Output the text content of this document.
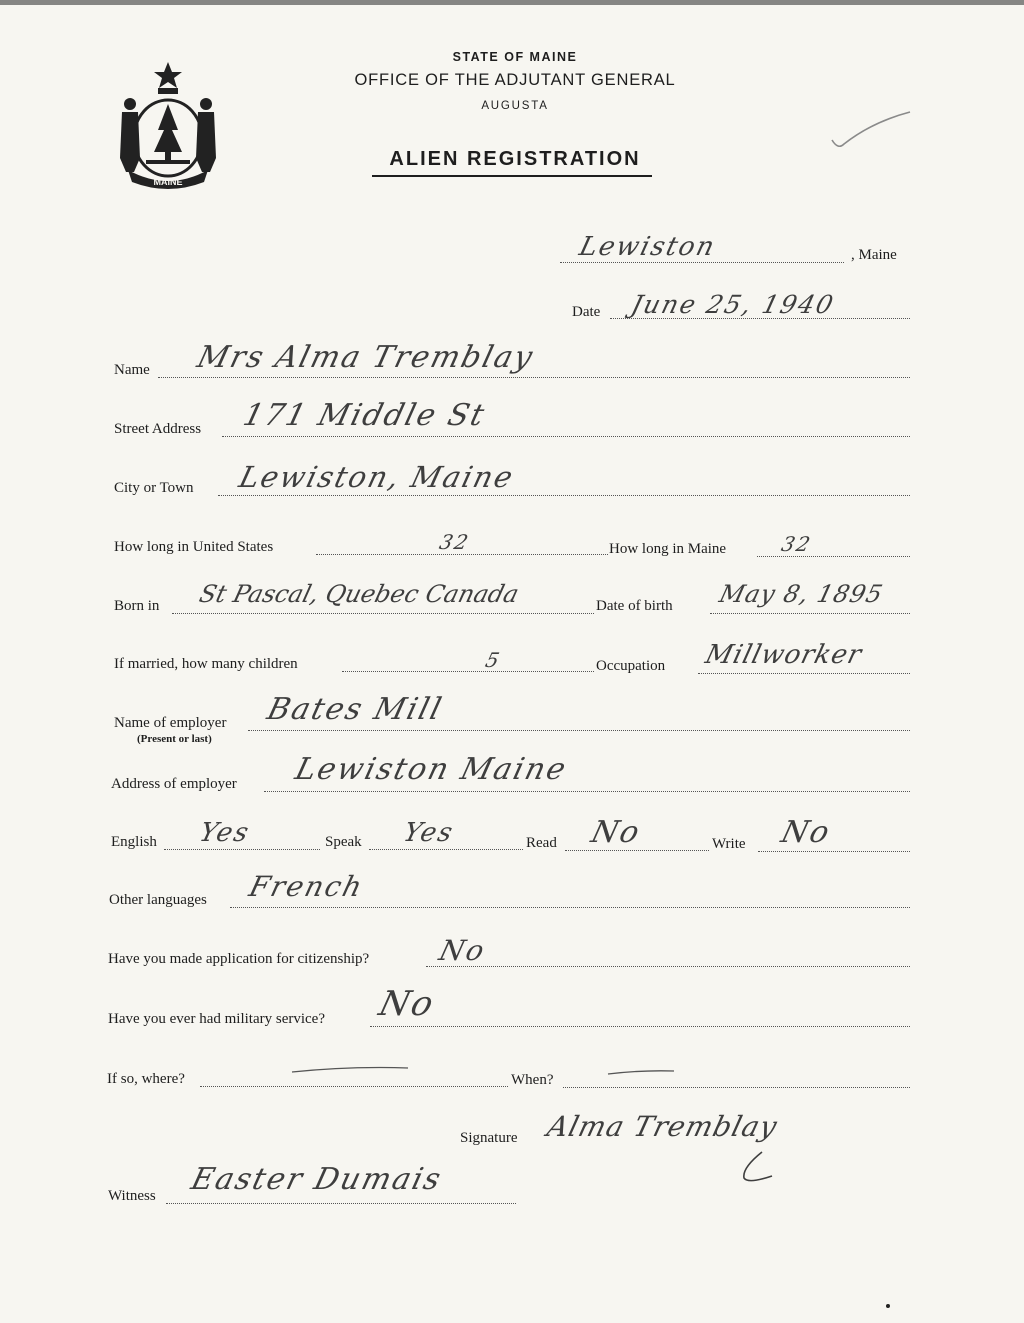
MAINE
STATE OF MAINE
OFFICE OF THE ADJUTANT GENERAL
AUGUSTA
ALIEN REGISTRATION
Lewiston	, Maine
Date June 25, 1940
Name Mrs Alma Tremblay
Street Address 171 Middle St
City or Town Lewiston, Maine
How long in United States	32	How long in Maine	32
Born in St Pascal, Quebec Canada	Date of birth May 8, 1895
If married, how many children	5	Occupation Millworker
Name of employer
(Present or last)
Bates Mill
Address of employer Lewiston Maine
English Yes	Speak Yes	Read No	Write No
Other languages French
Have you made application for citizenship? No
Have you ever had military service? No
If so, where?	When?
Signature Alma Tremblay
Witness Easter Dumais
